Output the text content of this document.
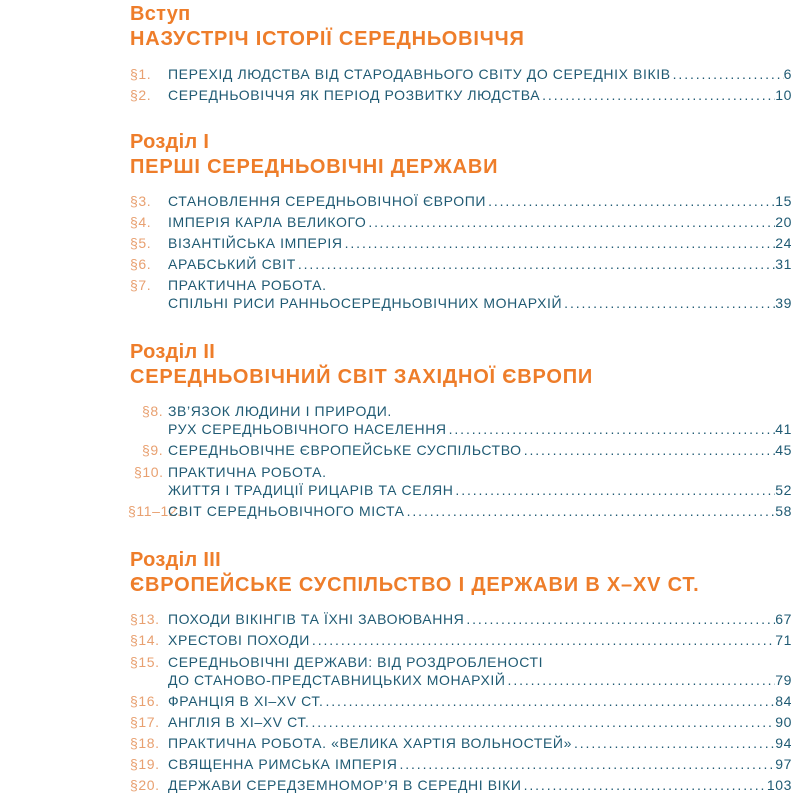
Вступ
НАЗУСТРІЧ ІСТОРІЇ СЕРЕДНЬОВІЧЧЯ
§1. ПЕРЕХІД ЛЮДСТВА ВІД СТАРОДАВНЬОГО СВІТУ ДО СЕРЕДНІХ ВІКІВ . . .	6
§2. СЕРЕДНЬОВІЧЧЯ ЯК ПЕРІОД РОЗВИТКУ ЛЮДСТВА . . .	10
Розділ І
ПЕРШІ СЕРЕДНЬОВІЧНІ ДЕРЖАВИ
§3. СТАНОВЛЕННЯ СЕРЕДНЬОВІЧНОЇ ЄВРОПИ . . .	15
§4. ІМПЕРІЯ КАРЛА ВЕЛИКОГО . . .	20
§5. ВІЗАНТІЙСЬКА ІМПЕРІЯ . . .	24
§6. АРАБСЬКИЙ СВІТ . . .	31
§7. ПРАКТИЧНА РОБОТА.
СПІЛЬНІ РИСИ РАННЬОСЕРЕДНЬОВІЧНИХ МОНАРХІЙ . . .	39
Розділ ІІ
СЕРЕДНЬОВІЧНИЙ СВІТ ЗАХІДНОЇ ЄВРОПИ
§8. ЗВ’ЯЗОК ЛЮДИНИ І ПРИРОДИ.
РУХ СЕРЕДНЬОВІЧНОГО НАСЕЛЕННЯ . . .	41
§9. СЕРЕДНЬОВІЧНЕ ЄВРОПЕЙСЬКЕ СУСПІЛЬСТВО . . .	45
§10. ПРАКТИЧНА РОБОТА.
ЖИТТЯ І ТРАДИЦІЇ РИЦАРІВ ТА СЕЛЯН . . .	52
§11–12.
СВІТ СЕРЕДНЬОВІЧНОГО МІСТА . . .	58
Розділ ІІІ
ЄВРОПЕЙСЬКЕ СУСПІЛЬСТВО І ДЕРЖАВИ В Х–XV СТ.
§13. ПОХОДИ ВІКІНГІВ ТА ЇХНІ ЗАВОЮВАННЯ . . .	67
§14. ХРЕСТОВІ ПОХОДИ . . .	71
§15. СЕРЕДНЬОВІЧНІ ДЕРЖАВИ: ВІД РОЗДРОБЛЕНОСТІ
ДО СТАНОВО-ПРЕДСТАВНИЦЬКИХ МОНАРХІЙ . . .	79
§16. ФРАНЦІЯ В ХІ–XV СТ. . . .	84
§17. АНГЛІЯ В ХІ–XV СТ. . . .	90
§18. ПРАКТИЧНА РОБОТА. «ВЕЛИКА ХАРТІЯ ВОЛЬНОСТЕЙ» . . .	94
§19. СВЯЩЕННА РИМСЬКА ІМПЕРІЯ . . .	97
§20. ДЕРЖАВИ СЕРЕДЗЕМНОМОР’Я В СЕРЕДНІ ВІКИ . . .	103
